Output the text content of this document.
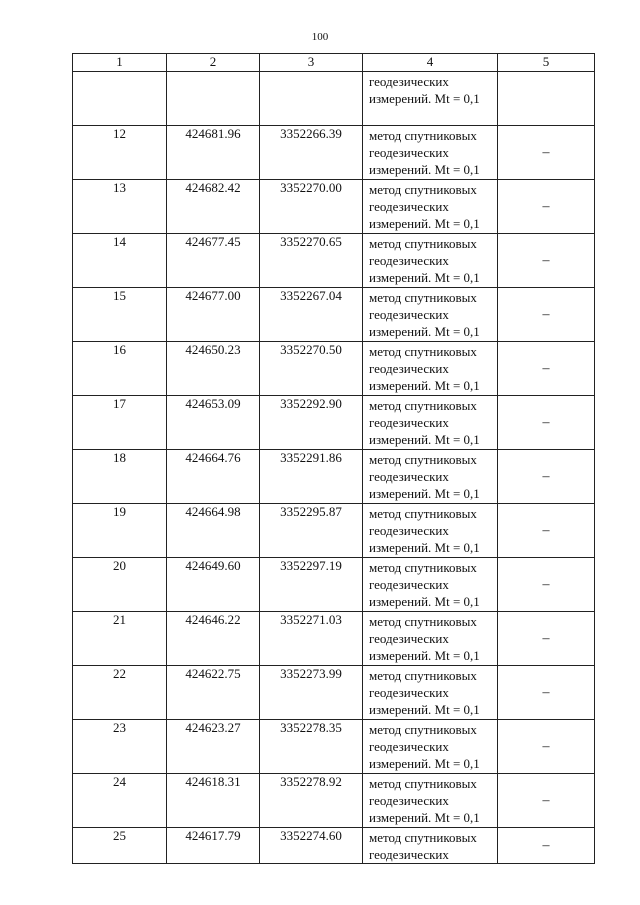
100
1	2	3	4	5

			геодезических
измерений. Mt = 0,1	

12	424681.96	3352266.39	метод спутниковых
геодезических
измерений. Mt = 0,1	–
13	424682.42	3352270.00	метод спутниковых
геодезических
измерений. Mt = 0,1	–
14	424677.45	3352270.65	метод спутниковых
геодезических
измерений. Mt = 0,1	–
15	424677.00	3352267.04	метод спутниковых
геодезических
измерений. Mt = 0,1	–
16	424650.23	3352270.50	метод спутниковых
геодезических
измерений. Mt = 0,1	–
17	424653.09	3352292.90	метод спутниковых
геодезических
измерений. Mt = 0,1	–
18	424664.76	3352291.86	метод спутниковых
геодезических
измерений. Mt = 0,1	–
19	424664.98	3352295.87	метод спутниковых
геодезических
измерений. Mt = 0,1	–
20	424649.60	3352297.19	метод спутниковых
геодезических
измерений. Mt = 0,1	–
21	424646.22	3352271.03	метод спутниковых
геодезических
измерений. Mt = 0,1	–
22	424622.75	3352273.99	метод спутниковых
геодезических
измерений. Mt = 0,1	–
23	424623.27	3352278.35	метод спутниковых
геодезических
измерений. Mt = 0,1	–
24	424618.31	3352278.92	метод спутниковых
геодезических
измерений. Mt = 0,1	–
25	424617.79	3352274.60	метод спутниковых
геодезических	–
